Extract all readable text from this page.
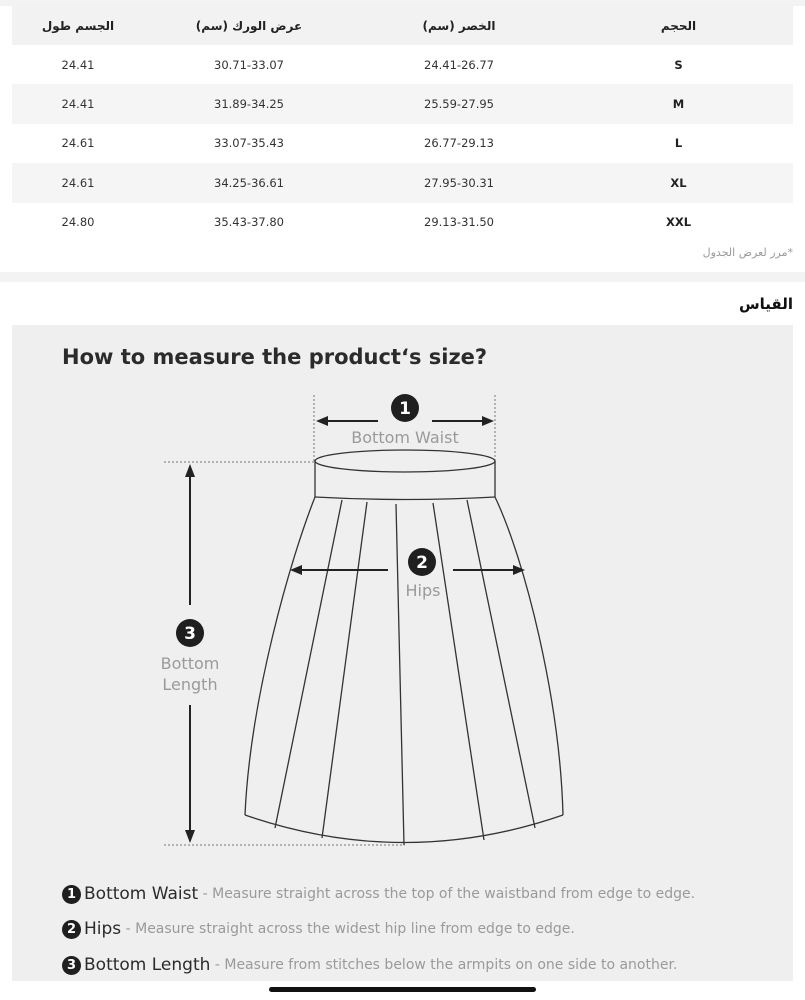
الحجم	الخصر (سم)	عرض الورك (سم)	الجسم طول
S	24.41-26.77	30.71-33.07	24.41
M	25.59-27.95	31.89-34.25	24.41
L	26.77-29.13	33.07-35.43	24.61
XL	27.95-30.31	34.25-36.61	24.61
XXL	29.13-31.50	35.43-37.80	24.80
*مرر لعرض الجدول
القياس
How to measure the product‘s size?
1
Bottom Waist
2
Hips
3
Bottom
Length
1 Bottom Waist - Measure straight across the top of the waistband from edge to edge.
2 Hips - Measure straight across the widest hip line from edge to edge.
3 Bottom Length - Measure from stitches below the armpits on one side to another.
